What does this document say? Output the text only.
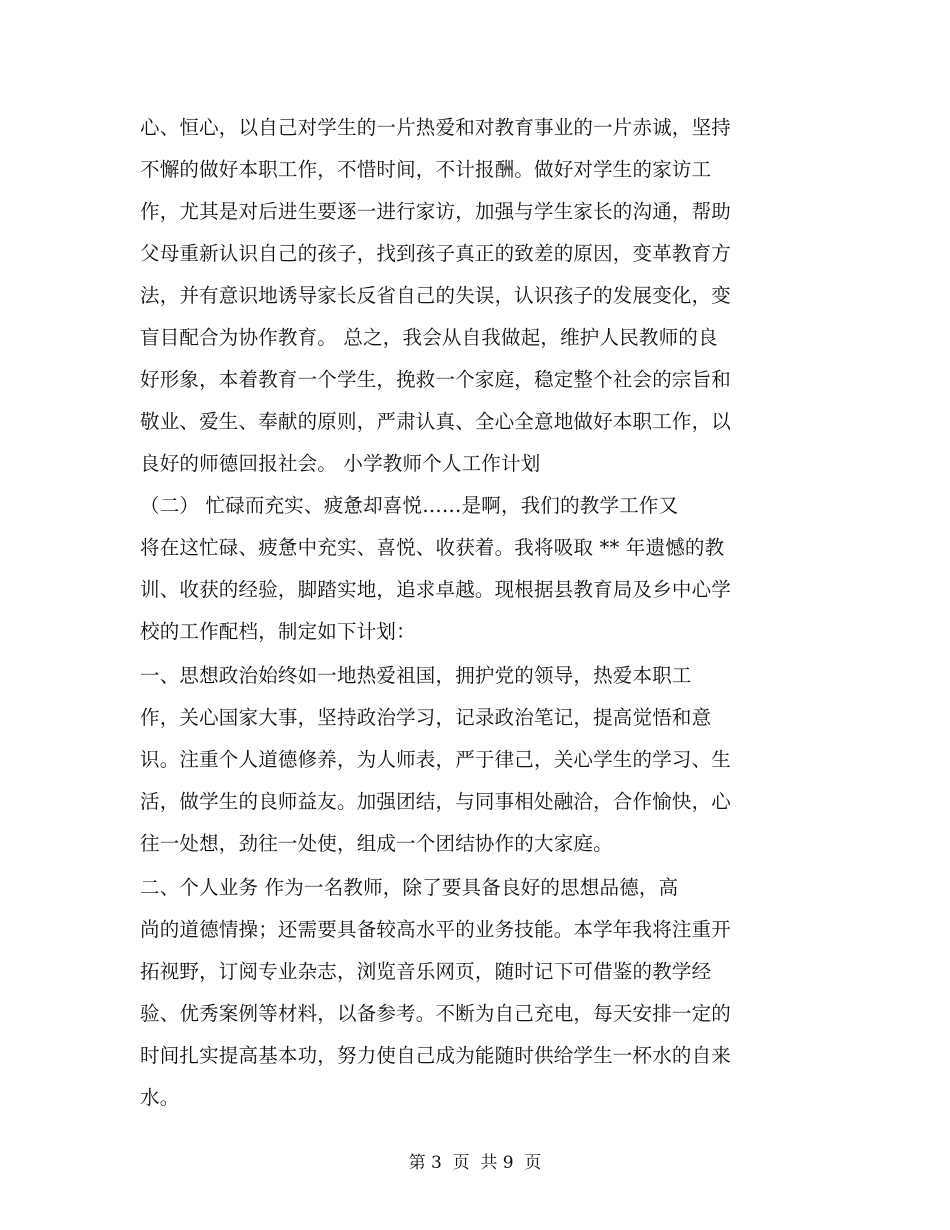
心、恒心，以自己对学生的一片热爱和对教育事业的一片赤诚，坚持
不懈的做好本职工作，不惜时间，不计报酬。做好对学生的家访工
作，尤其是对后进生要逐一进行家访，加强与学生家长的沟通，帮助
父母重新认识自己的孩子，找到孩子真正的致差的原因，变革教育方
法，并有意识地诱导家长反省自己的失误，认识孩子的发展变化，变
盲目配合为协作教育。 总之，我会从自我做起，维护人民教师的良
好形象，本着教育一个学生，挽救一个家庭，稳定整个社会的宗旨和
敬业、爱生、奉献的原则，严肃认真、全心全意地做好本职工作，以
良好的师德回报社会。 小学教师个人工作计划
（二） 忙碌而充实、疲惫却喜悦……是啊，我们的教学工作又
将在这忙碌、疲惫中充实、喜悦、收获着。我将吸取 ** 年遗憾的教
训、收获的经验，脚踏实地，追求卓越。现根据县教育局及乡中心学
校的工作配档，制定如下计划：
一、思想政治始终如一地热爱祖国，拥护党的领导，热爱本职工
作，关心国家大事，坚持政治学习，记录政治笔记，提高觉悟和意
识。注重个人道德修养，为人师表，严于律己，关心学生的学习、生
活，做学生的良师益友。加强团结，与同事相处融洽，合作愉快，心
往一处想，劲往一处使，组成一个团结协作的大家庭。
二、个人业务 作为一名教师，除了要具备良好的思想品德，高
尚的道德情操；还需要具备较高水平的业务技能。本学年我将注重开
拓视野，订阅专业杂志，浏览音乐网页，随时记下可借鉴的教学经
验、优秀案例等材料，以备参考。不断为自己充电，每天安排一定的
时间扎实提高基本功，努力使自己成为能随时供给学生一杯水的自来
水。
第 3  页  共 9  页
